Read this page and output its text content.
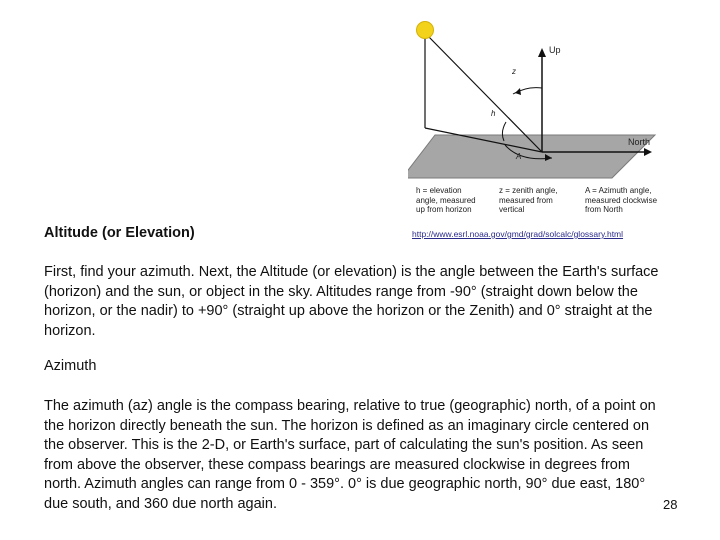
Up
North
z
h
A
h = elevation
angle, measured
up from horizon
z = zenith angle,
measured from
vertical
A = Azimuth angle,
measured clockwise
from North
Altitude (or Elevation)	http://www.esrl.noaa.gov/gmd/grad/solcalc/glossary.html
First, find your azimuth. Next, the Altitude (or elevation) is the angle between the Earth's surface (horizon) and the sun, or object in the sky. Altitudes range from -90° (straight down below the horizon, or the nadir) to +90° (straight up above the horizon or the Zenith) and 0° straight at the horizon.
Azimuth
The azimuth (az) angle is the compass bearing, relative to true (geographic) north, of a point on the horizon directly beneath the sun. The horizon is defined as an imaginary circle centered on the observer. This is the 2-D, or Earth's surface, part of calculating the sun's position. As seen from above the observer, these compass bearings are measured clockwise in degrees from north. Azimuth angles can range from 0 - 359°. 0° is due geographic north, 90° due east, 180° due south, and 360 due north again.	28
